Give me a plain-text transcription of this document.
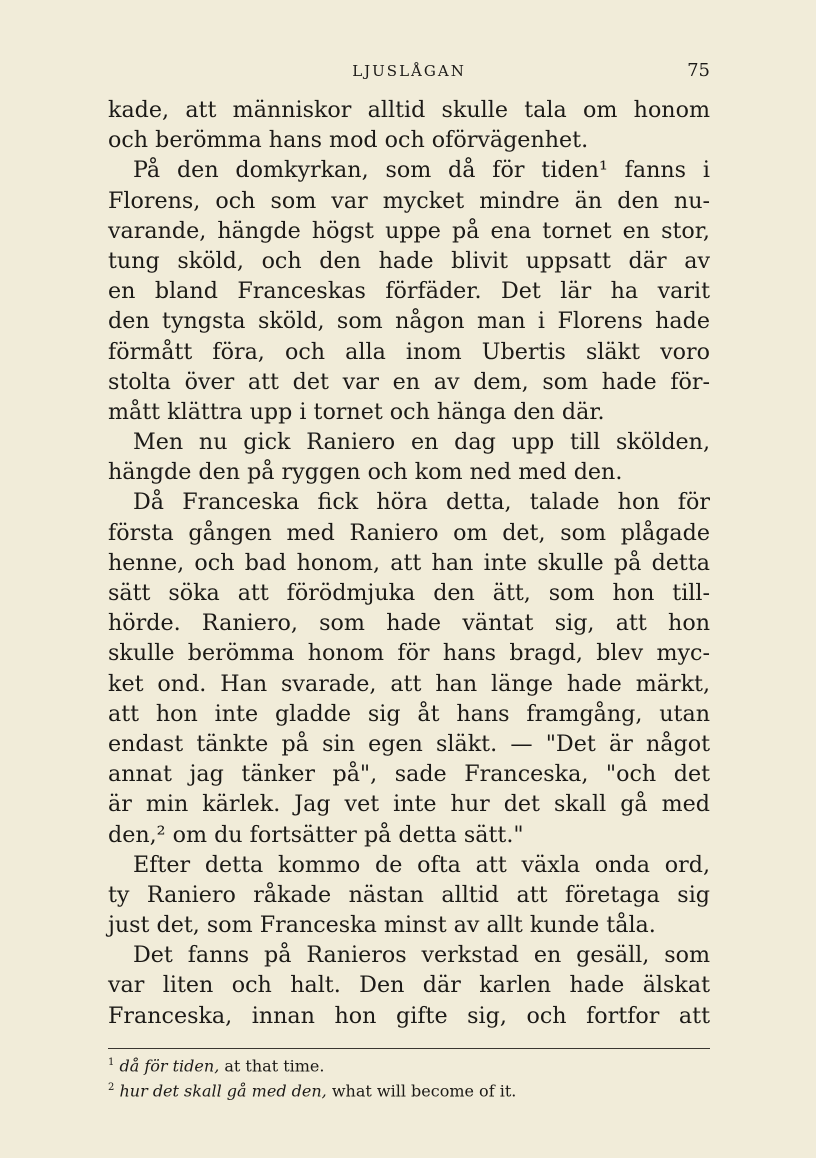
LJUSLÅGAN	75
kade, att människor alltid skulle tala om honom
och berömma hans mod och oförvägenhet.
På den domkyrkan, som då för tiden¹ fanns i
Florens, och som var mycket mindre än den nu-
varande, hängde högst uppe på ena tornet en stor,
tung sköld, och den hade blivit uppsatt där av
en bland Franceskas förfäder. Det lär ha varit
den tyngsta sköld, som någon man i Florens hade
förmått föra, och alla inom Ubertis släkt voro
stolta över att det var en av dem, som hade för-
mått klättra upp i tornet och hänga den där.
Men nu gick Raniero en dag upp till skölden,
hängde den på ryggen och kom ned med den.
Då Franceska fick höra detta, talade hon för
första gången med Raniero om det, som plågade
henne, och bad honom, att han inte skulle på detta
sätt söka att förödmjuka den ätt, som hon till-
hörde. Raniero, som hade väntat sig, att hon
skulle berömma honom för hans bragd, blev myc-
ket ond. Han svarade, att han länge hade märkt,
att hon inte gladde sig åt hans framgång, utan
endast tänkte på sin egen släkt. — "Det är något
annat jag tänker på", sade Franceska, "och det
är min kärlek. Jag vet inte hur det skall gå med
den,² om du fortsätter på detta sätt."
Efter detta kommo de ofta att växla onda ord,
ty Raniero råkade nästan alltid att företaga sig
just det, som Franceska minst av allt kunde tåla.
Det fanns på Ranieros verkstad en gesäll, som
var liten och halt. Den där karlen hade älskat
Franceska, innan hon gifte sig, och fortfor att
$^1$ då för tiden, at that time.
$^2$ hur det skall gå med den, what will become of it.
